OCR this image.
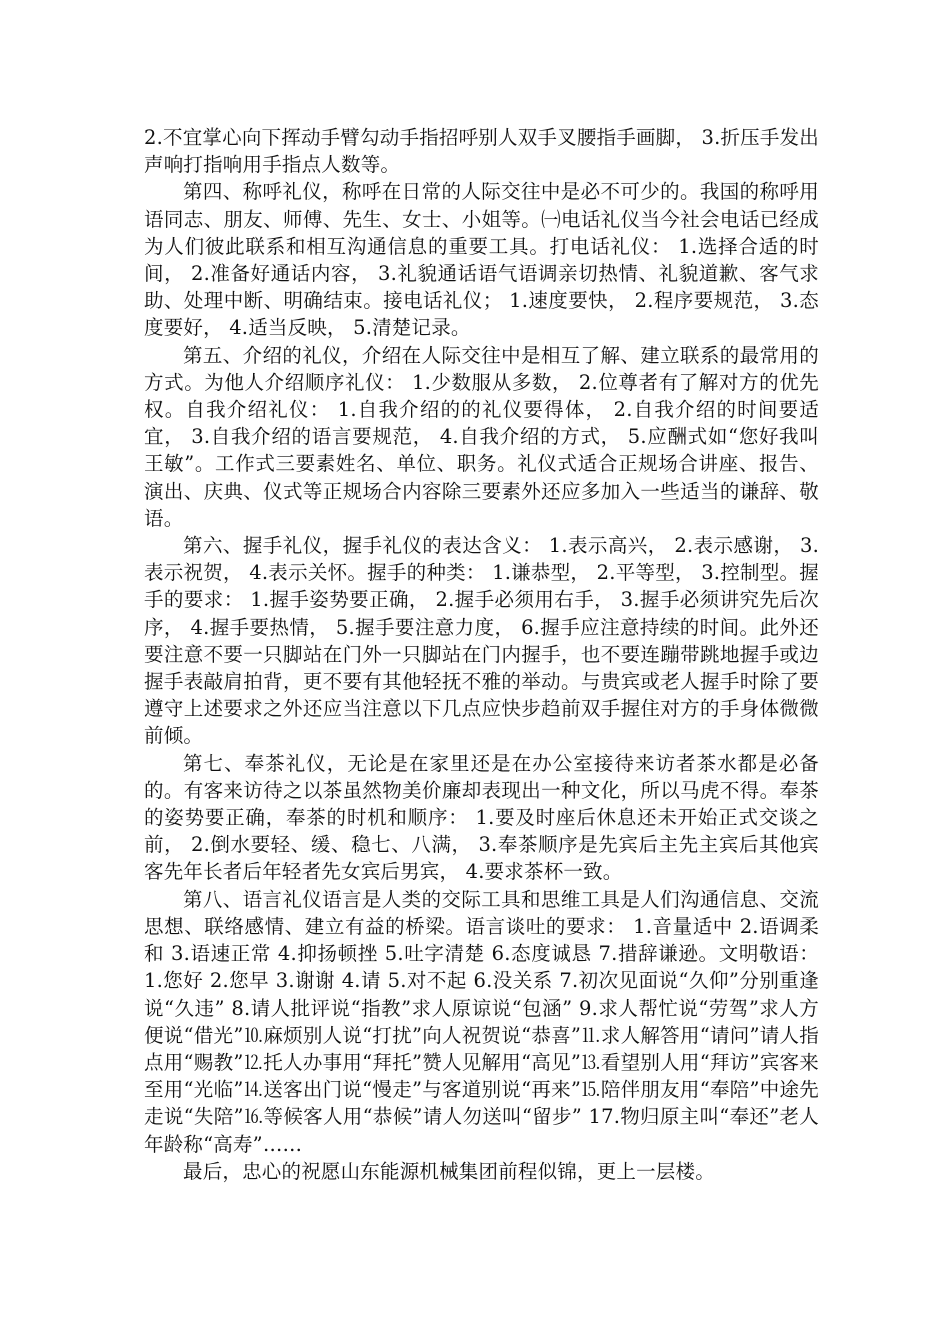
2.不宜掌心向下挥动手臂勾动手指招呼别人双手叉腰指手画脚， 3.折压手发出声响打指响用手指点人数等。

第四、称呼礼仪，称呼在日常的人际交往中是必不可少的。我国的称呼用语同志、朋友、师傅、先生、女士、小姐等。㈠电话礼仪当今社会电话已经成为人们彼此联系和相互沟通信息的重要工具。打电话礼仪： 1.选择合适的时间， 2.准备好通话内容， 3.礼貌通话语气语调亲切热情、礼貌道歉、客气求助、处理中断、明确结束。接电话礼仪； 1.速度要快， 2.程序要规范， 3.态度要好， 4.适当反映， 5.清楚记录。

第五、介绍的礼仪，介绍在人际交往中是相互了解、建立联系的最常用的方式。为他人介绍顺序礼仪： 1.少数服从多数， 2.位尊者有了解对方的优先权。自我介绍礼仪： 1.自我介绍的的礼仪要得体， 2.自我介绍的时间要适宜， 3.自我介绍的语言要规范， 4.自我介绍的方式， 5.应酬式如“您好我叫王敏”。工作式三要素姓名、单位、职务。礼仪式适合正规场合讲座、报告、演出、庆典、仪式等正规场合内容除三要素外还应多加入一些适当的谦辞、敬语。

第六、握手礼仪，握手礼仪的表达含义： 1.表示高兴， 2.表示感谢， 3.表示祝贺， 4.表示关怀。握手的种类： 1.谦恭型， 2.平等型， 3.控制型。握手的要求： 1.握手姿势要正确， 2.握手必须用右手， 3.握手必须讲究先后次序， 4.握手要热情， 5.握手要注意力度， 6.握手应注意持续的时间。此外还要注意不要一只脚站在门外一只脚站在门内握手，也不要连蹦带跳地握手或边握手表敲肩拍背，更不要有其他轻抚不雅的举动。与贵宾或老人握手时除了要遵守上述要求之外还应当注意以下几点应快步趋前双手握住对方的手身体微微前倾。

第七、奉茶礼仪，无论是在家里还是在办公室接待来访者茶水都是必备的。有客来访待之以茶虽然物美价廉却表现出一种文化，所以马虎不得。奉茶的姿势要正确，奉茶的时机和顺序： 1.要及时座后休息还未开始正式交谈之前， 2.倒水要轻、缓、稳七、八满， 3.奉茶顺序是先宾后主先主宾后其他宾客先年长者后年轻者先女宾后男宾， 4.要求茶杯一致。

第八、语言礼仪语言是人类的交际工具和思维工具是人们沟通信息、交流思想、联络感情、建立有益的桥梁。语言谈吐的要求： 1.音量适中 2.语调柔和 3.语速正常 4.抑扬顿挫 5.吐字清楚 6.态度诚恳 7.措辞谦逊。文明敬语： 1.您好 2.您早 3.谢谢 4.请 5.对不起 6.没关系 7.初次见面说“久仰”分别重逢说“久违” 8.请人批评说“指教”求人原谅说“包涵” 9.求人帮忙说“劳驾”求人方便说“借光”⒑麻烦别人说“打扰”向人祝贺说“恭喜”⒒求人解答用“请问”请人指点用“赐教”⒓托人办事用“拜托”赞人见解用“高见”⒔看望别人用“拜访”宾客来至用“光临”⒕送客出门说“慢走”与客道别说“再来”⒖陪伴朋友用“奉陪”中途先走说“失陪”⒗等候客人用“恭候”请人勿送叫“留步” 17.物归原主叫“奉还”老人年龄称“高寿”……

最后，忠心的祝愿山东能源机械集团前程似锦，更上一层楼。
